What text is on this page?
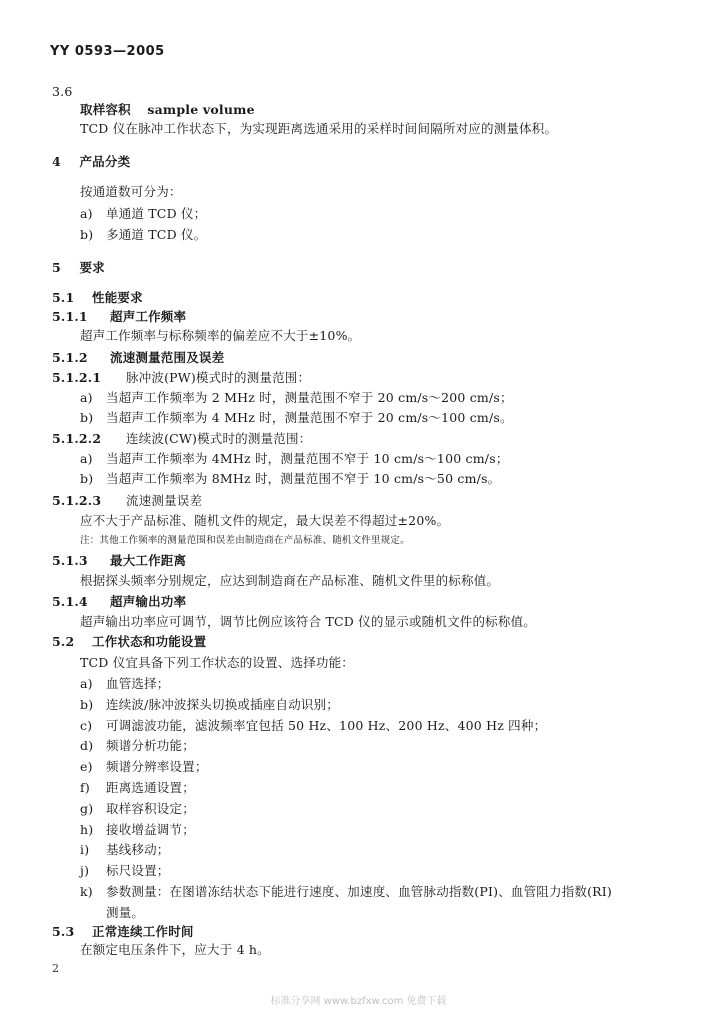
YY 0593—2005
3.6
取样容积 sample volume
TCD 仪在脉冲工作状态下，为实现距离选通采用的采样时间间隔所对应的测量体积。
4 产品分类
按通道数可分为：
a) 单通道 TCD 仪；
b) 多通道 TCD 仪。
5 要求
5.1 性能要求
5.1.1 超声工作频率
超声工作频率与标称频率的偏差应不大于±10%。
5.1.2 流速测量范围及误差
5.1.2.1 脉冲波(PW)模式时的测量范围：
a) 当超声工作频率为 2 MHz 时，测量范围不窄于 20 cm/s～200 cm/s；
b) 当超声工作频率为 4 MHz 时，测量范围不窄于 20 cm/s～100 cm/s。
5.1.2.2 连续波(CW)模式时的测量范围：
a) 当超声工作频率为 4MHz 时，测量范围不窄于 10 cm/s～100 cm/s；
b) 当超声工作频率为 8MHz 时，测量范围不窄于 10 cm/s～50 cm/s。
5.1.2.3 流速测量误差
应不大于产品标准、随机文件的规定，最大误差不得超过±20%。
注：其他工作频率的测量范围和误差由制造商在产品标准、随机文件里规定。
5.1.3 最大工作距离
根据探头频率分别规定，应达到制造商在产品标准、随机文件里的标称值。
5.1.4 超声输出功率
超声输出功率应可调节，调节比例应该符合 TCD 仪的显示或随机文件的标称值。
5.2 工作状态和功能设置
TCD 仪宜具备下列工作状态的设置、选择功能：
a) 血管选择；
b) 连续波/脉冲波探头切换或插座自动识别；
c) 可调滤波功能，滤波频率宜包括 50 Hz、100 Hz、200 Hz、400 Hz 四种；
d) 频谱分析功能；
e) 频谱分辨率设置；
f) 距离选通设置；
g) 取样容积设定；
h) 接收增益调节；
i) 基线移动；
j) 标尺设置；
k) 参数测量：在图谱冻结状态下能进行速度、加速度、血管脉动指数(PI)、血管阻力指数(RI)
测量。
5.3 正常连续工作时间
在额定电压条件下，应大于 4 h。
2
标准分享网 www.bzfxw.com 免费下载
